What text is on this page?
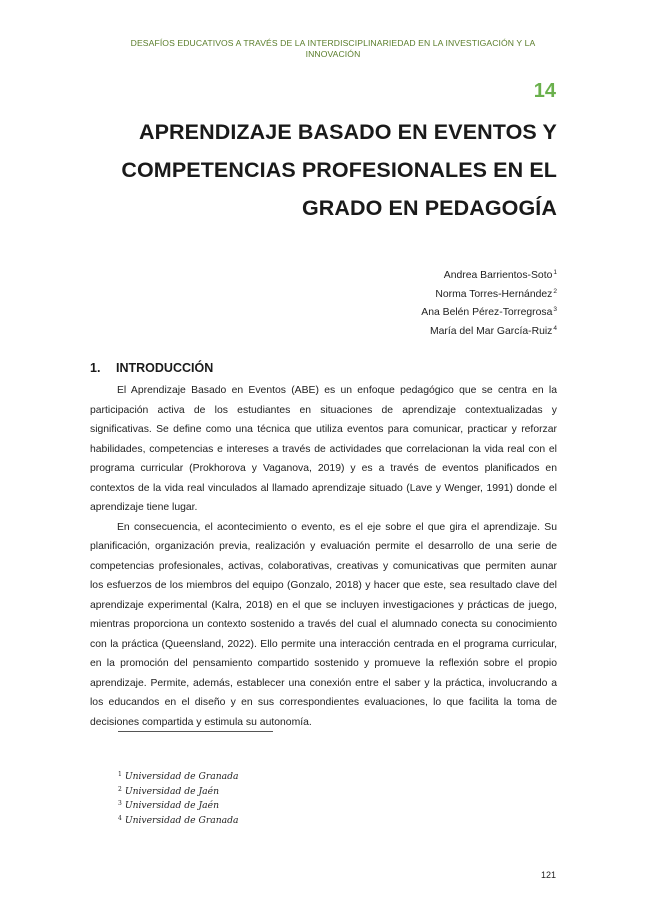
DESAFÍOS EDUCATIVOS A TRAVÉS DE LA INTERDISCIPLINARIEDAD EN LA INVESTIGACIÓN Y LA
INNOVACIÓN
14
APRENDIZAJE BASADO EN EVENTOS Y
COMPETENCIAS PROFESIONALES EN EL
GRADO EN PEDAGOGÍA
Andrea Barrientos-Soto$^1$
Norma Torres-Hernández$^2$
Ana Belén Pérez-Torregrosa$^3$
María del Mar García-Ruiz$^4$
1. INTRODUCCIÓN

El Aprendizaje Basado en Eventos (ABE) es un enfoque pedagógico que se centra en la participación activa de los estudiantes en situaciones de aprendizaje contextualizadas y significativas. Se define como una técnica que utiliza eventos para comunicar, practicar y reforzar habilidades, competencias e intereses a través de actividades que correlacionan la vida real con el programa curricular (Prokhorova y Vaganova, 2019) y es a través de eventos planificados en contextos de la vida real vinculados al llamado aprendizaje situado (Lave y Wenger, 1991) donde el aprendizaje tiene lugar.

En consecuencia, el acontecimiento o evento, es el eje sobre el que gira el aprendizaje. Su planificación, organización previa, realización y evaluación permite el desarrollo de una serie de competencias profesionales, activas, colaborativas, creativas y comunicativas que permiten aunar los esfuerzos de los miembros del equipo (Gonzalo, 2018) y hacer que este, sea resultado clave del aprendizaje experimental (Kalra, 2018) en el que se incluyen investigaciones y prácticas de juego, mientras proporciona un contexto sostenido a través del cual el alumnado conecta su conocimiento con la práctica (Queensland, 2022). Ello permite una interacción centrada en el programa curricular, en la promoción del pensamiento compartido sostenido y promueve la reflexión sobre el propio aprendizaje. Permite, además, establecer una conexión entre el saber y la práctica, involucrando a los educandos en el diseño y en sus correspondientes evaluaciones, lo que facilita la toma de decisiones compartida y estimula su autonomía.

$^1$ Universidad de Granada
$^2$ Universidad de Jaén
$^3$ Universidad de Jaén
$^4$ Universidad de Granada
121
